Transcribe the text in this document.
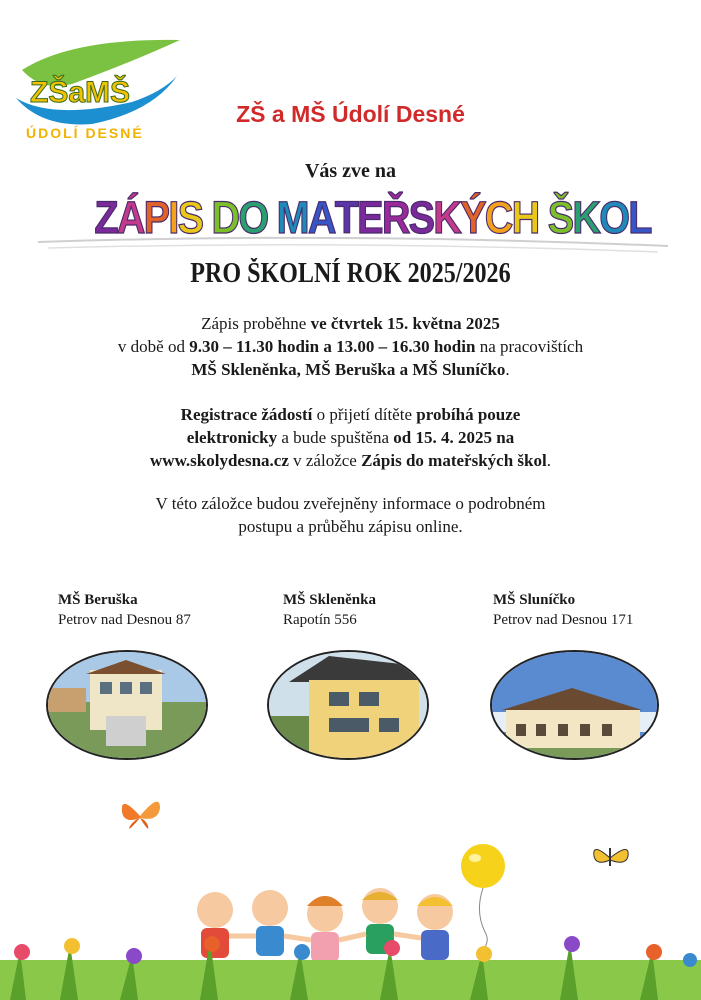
ZŠaMŠ
ÚDOLÍ DESNÉ
ZŠ a MŠ Údolí Desné
Vás zve na
ZÁPIS DO MATEŘSKÝCH ŠKOL
PRO ŠKOLNÍ ROK 2025/2026
Zápis proběhne ve čtvrtek 15. května 2025
v době od 9.30 – 11.30 hodin a 13.00 – 16.30 hodin na pracovištích
MŠ Skleněnka, MŠ Beruška a MŠ Sluníčko.
Registrace žádostí o přijetí dítěte probíhá pouze
elektronicky a bude spuštěna od 15. 4. 2025 na
www.skolydesna.cz v záložce Zápis do mateřských škol.
V této záložce budou zveřejněny informace o podrobném
postupu a průběhu zápisu online.
MŠ Beruška
Petrov nad Desnou 87
MŠ Skleněnka
Rapotín 556
MŠ Sluníčko
Petrov nad Desnou 171
